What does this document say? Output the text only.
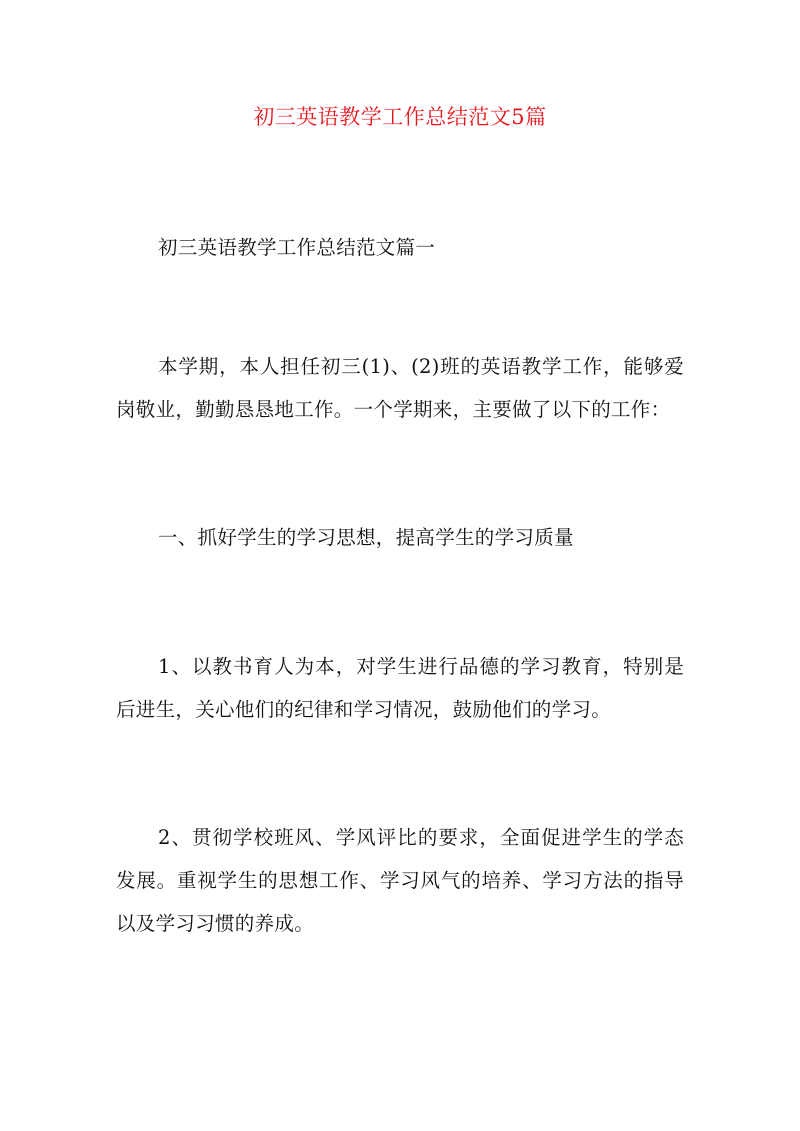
初三英语教学工作总结范文5篇

初三英语教学工作总结范文篇一

本学期，本人担任初三(1)、(2)班的英语教学工作，能够爱岗敬业，勤勤恳恳地工作。一个学期来，主要做了以下的工作：

一、抓好学生的学习思想，提高学生的学习质量

1、以教书育人为本，对学生进行品德的学习教育，特别是后进生，关心他们的纪律和学习情况，鼓励他们的学习。

2、贯彻学校班风、学风评比的要求，全面促进学生的学态发展。重视学生的思想工作、学习风气的培养、学习方法的指导以及学习习惯的养成。
